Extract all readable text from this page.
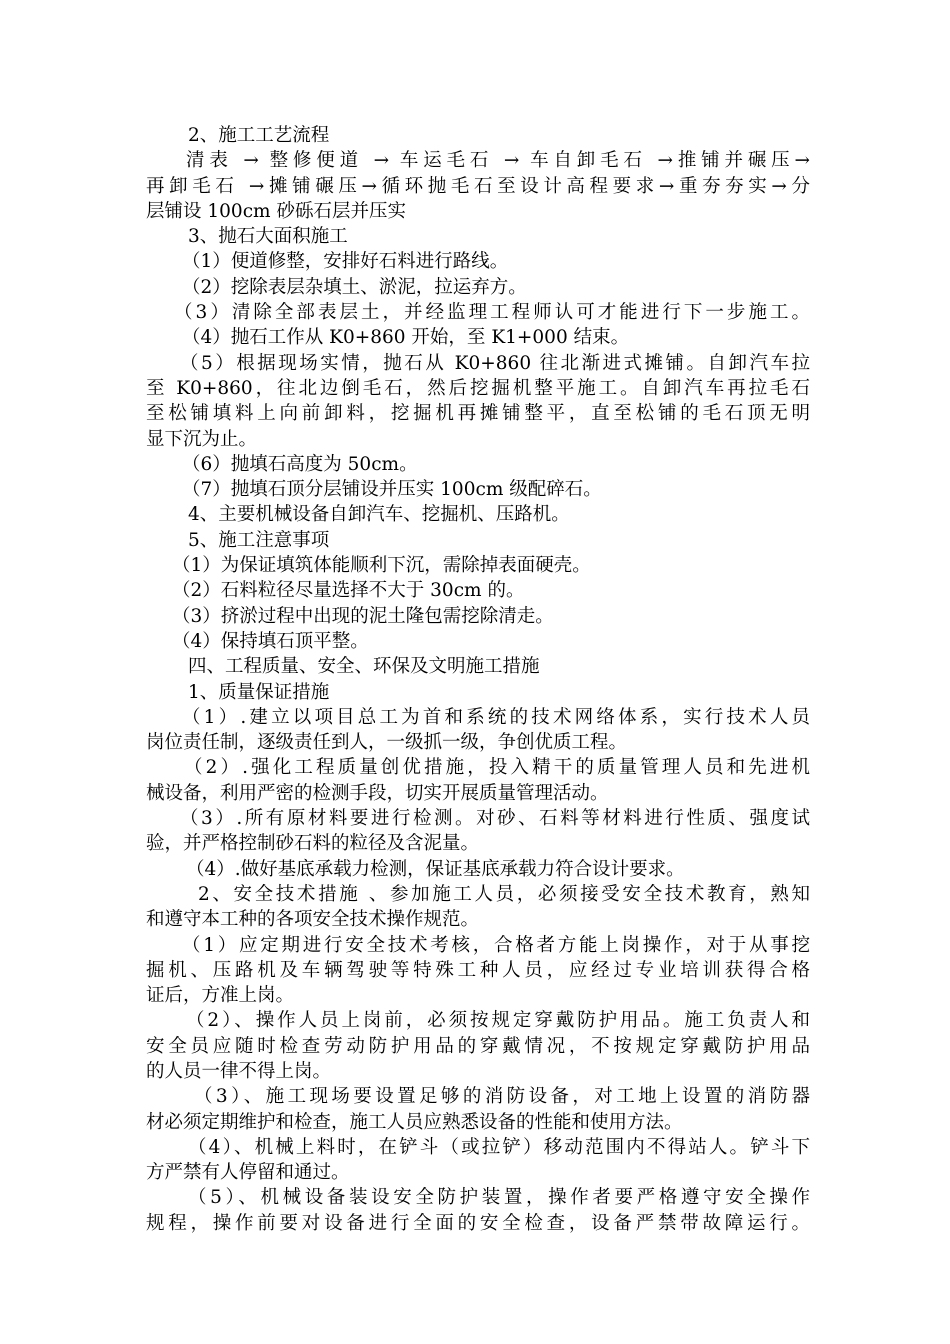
2、施工工艺流程
清表 → 整修便道 → 车运毛石 → 车自卸毛石 →推铺并碾压→
再卸毛石 →摊铺碾压→循环抛毛石至设计高程要求→重夯夯实→分
层铺设 100cm 砂砾石层并压实
3、抛石大面积施工
（1）便道修整，安排好石料进行路线。
（2）挖除表层杂填土、淤泥，拉运弃方。
（3）清除全部表层土，并经监理工程师认可才能进行下一步施工。
（4）抛石工作从 K0+860 开始，至 K1+000 结束。
（5）根据现场实情，抛石从 K0+860 往北渐进式摊铺。自卸汽车拉
至 K0+860，往北边倒毛石，然后挖掘机整平施工。自卸汽车再拉毛石
至松铺填料上向前卸料，挖掘机再摊铺整平，直至松铺的毛石顶无明
显下沉为止。
（6）抛填石高度为 50cm。
（7）抛填石顶分层铺设并压实 100cm 级配碎石。
4、主要机械设备自卸汽车、挖掘机、压路机。
5、施工注意事项
（1）为保证填筑体能顺利下沉，需除掉表面硬壳。
（2）石料粒径尽量选择不大于 30cm 的。
（3）挤淤过程中出现的泥土隆包需挖除清走。
（4）保持填石顶平整。
四、工程质量、安全、环保及文明施工措施
1、质量保证措施
（1）.建立以项目总工为首和系统的技术网络体系，实行技术人员
岗位责任制，逐级责任到人，一级抓一级，争创优质工程。
（2）.强化工程质量创优措施，投入精干的质量管理人员和先进机
械设备，利用严密的检测手段，切实开展质量管理活动。
（3）.所有原材料要进行检测。对砂、石料等材料进行性质、强度试
验，并严格控制砂石料的粒径及含泥量。
（4）.做好基底承载力检测，保证基底承载力符合设计要求。
2、安全技术措施 、参加施工人员，必须接受安全技术教育，熟知
和遵守本工种的各项安全技术操作规范。
（1）应定期进行安全技术考核，合格者方能上岗操作，对于从事挖
掘机、压路机及车辆驾驶等特殊工种人员，应经过专业培训获得合格
证后，方准上岗。
（2）、操作人员上岗前，必须按规定穿戴防护用品。施工负责人和
安全员应随时检查劳动防护用品的穿戴情况，不按规定穿戴防护用品
的人员一律不得上岗。
（3）、施工现场要设置足够的消防设备，对工地上设置的消防器
材必须定期维护和检查，施工人员应熟悉设备的性能和使用方法。
（4）、机械上料时，在铲斗（或拉铲）移动范围内不得站人。铲斗下
方严禁有人停留和通过。
（5）、机械设备装设安全防护装置，操作者要严格遵守安全操作
规程，操作前要对设备进行全面的安全检查，设备严禁带故障运行。
